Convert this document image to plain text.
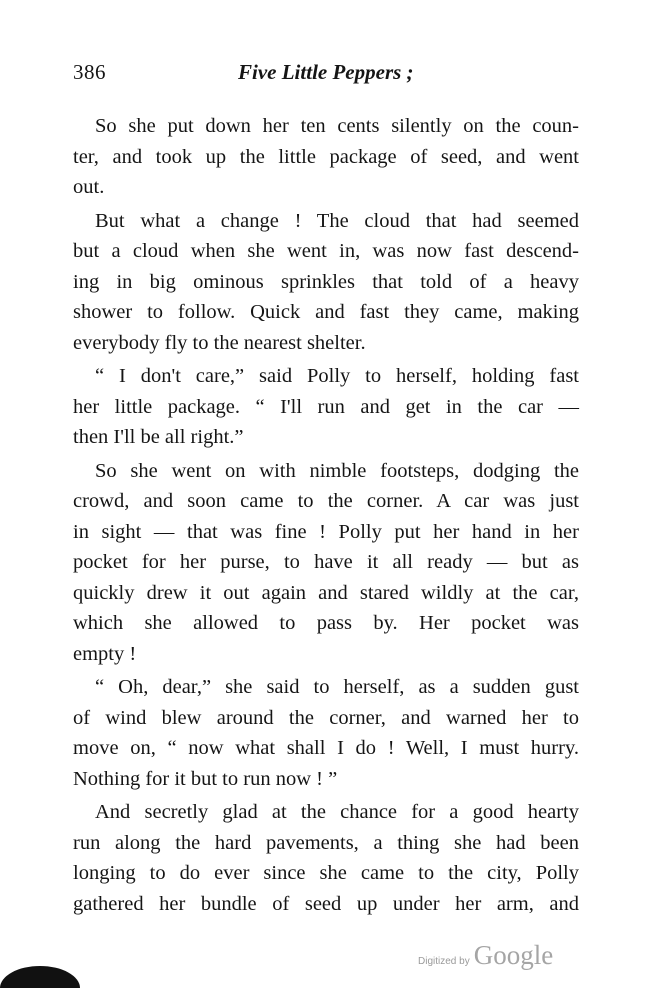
386	Five Little Peppers ;
So she put down her ten cents silently on the coun-
ter, and took up the little package of seed, and went
out.
But what a change ! The cloud that had seemed
but a cloud when she went in, was now fast descend-
ing in big ominous sprinkles that told of a heavy
shower to follow. Quick and fast they came, making
everybody fly to the nearest shelter.
“ I don't care,” said Polly to herself, holding fast
her little package. “ I'll run and get in the car —
then I'll be all right.”
So she went on with nimble footsteps, dodging the
crowd, and soon came to the corner. A car was just
in sight — that was fine ! Polly put her hand in her
pocket for her purse, to have it all ready — but as
quickly drew it out again and stared wildly at the car,
which she allowed to pass by. Her pocket was
empty !
“ Oh, dear,” she said to herself, as a sudden gust
of wind blew around the corner, and warned her to
move on, “ now what shall I do ! Well, I must hurry.
Nothing for it but to run now ! ”
And secretly glad at the chance for a good hearty
run along the hard pavements, a thing she had been
longing to do ever since she came to the city, Polly
gathered her bundle of seed up under her arm, and
Digitized by Google
